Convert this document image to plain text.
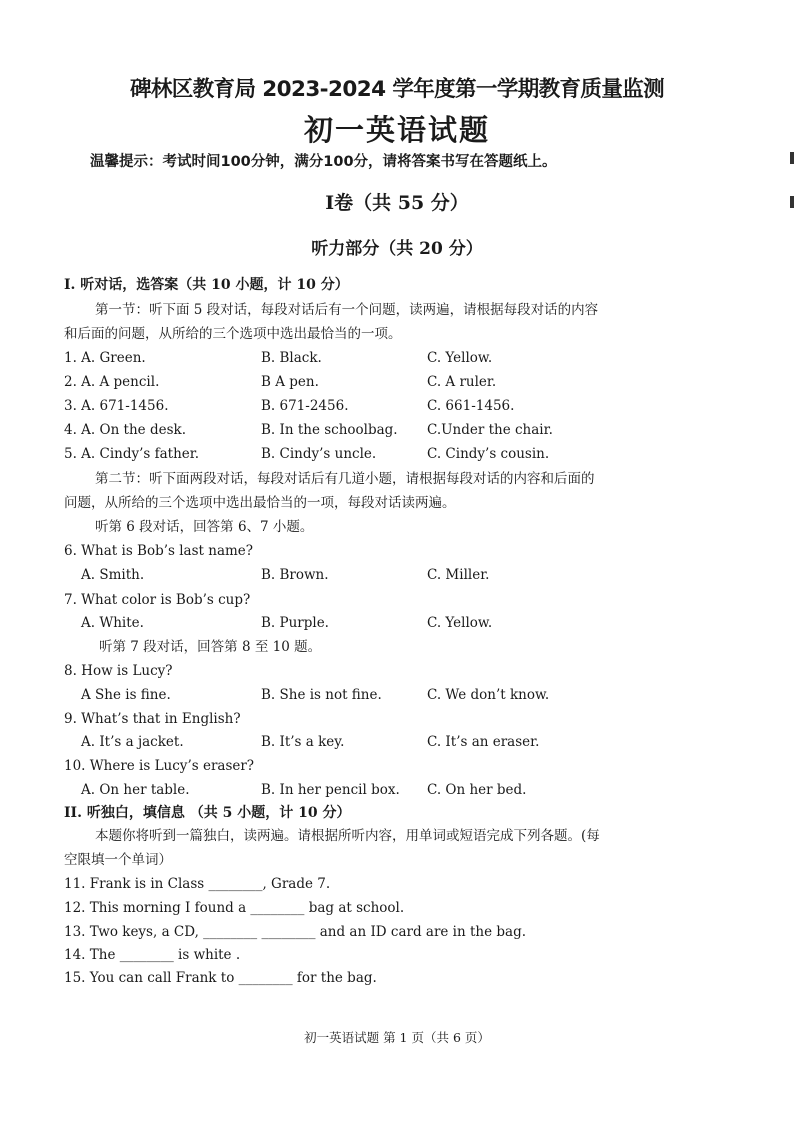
碑林区教育局 2023-2024 学年度第一学期教育质量监测
初一英语试题
温馨提示：考试时间100分钟，满分100分，请将答案书写在答题纸上。
I卷（共 55 分）
听力部分（共 20 分）
I. 听对话，选答案（共 10 小题，计 10 分）
第一节：听下面 5 段对话，每段对话后有一个问题，读两遍，请根据每段对话的内容
和后面的问题，从所给的三个选项中选出最恰当的一项。
1. A. Green.	B. Black.	C. Yellow.
2. A. A pencil.	B A pen.	C. A ruler.
3. A. 671-1456.	B. 671-2456.	C. 661-1456.
4. A. On the desk.	B. In the schoolbag. C.Under the chair.
5. A. Cindy’s father.	B. Cindy’s uncle.	C. Cindy’s cousin.
第二节：听下面两段对话，每段对话后有几道小题，请根据每段对话的内容和后面的
问题，从所给的三个选项中选出最恰当的一项，每段对话读两遍。
听第 6 段对话，回答第 6、7 小题。
6. What is Bob’s last name?
A. Smith.	B. Brown.	C. Miller.
7. What color is Bob’s cup?
A. White.	B. Purple.	C. Yellow.
听第 7 段对话，回答第 8 至 10 题。
8. How is Lucy?
A She is fine.	B. She is not fine.	C. We don’t know.
9. What’s that in English?
A. It’s a jacket.	B. It’s a key.	C. It’s an eraser.
10. Where is Lucy’s eraser?
A. On her table.	B. In her pencil box. C. On her bed.
II. 听独白，填信息 （共 5 小题，计 10 分）
本题你将听到一篇独白，读两遍。请根据所听内容，用单词或短语完成下列各题。(每
空限填一个单词）
11. Frank is in Class ________, Grade 7.
12. This morning I found a ________ bag at school.
13. Two keys, a CD, ________ ________ and an ID card are in the bag.
14. The ________ is white .
15. You can call Frank to ________ for the bag.
初一英语试题 第 1 页（共 6 页）
